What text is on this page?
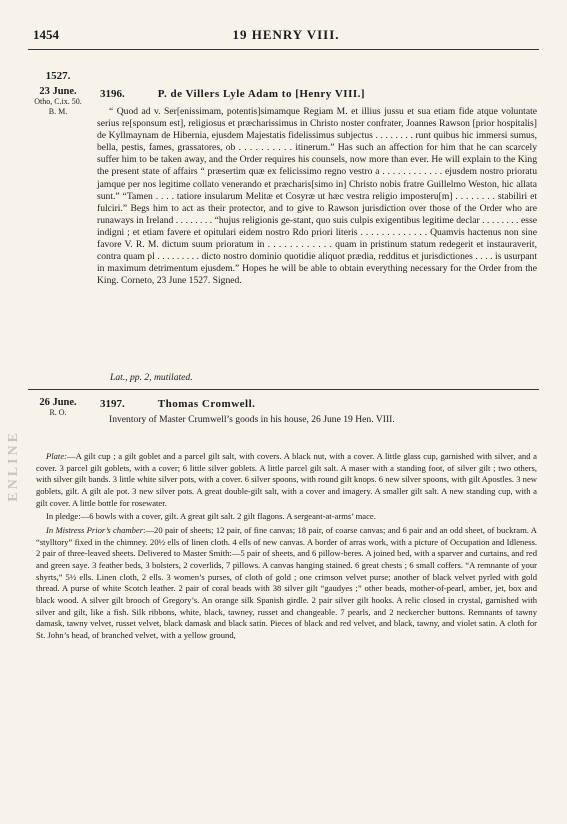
1454	19 HENRY VIII.
ENLINE
1527.
23 June.
Otho, C.ix. 50.
B. M.
3196.	P. de Villers Lyle Adam to [Henry VIII.]

“ Quod ad v. Ser[enissimam, potentis]simamque Regiam M. et illius jussu et sua etiam fide atque voluntate serius re[sponsum est], religiosus et præcharissimus in Christo noster confrater, Joannes Rawson [prior hospitalis] de Kyllmaynam de Hibernia, ejusdem Majestatis fidelissimus subjectus . . . . . . . . runt quibus hic immersi sumus, bella, pestis, fames, grassatores, ob . . . . . . . . . . itinerum.” Has such an affection for him that he can scarcely suffer him to be taken away, and the Order requires his counsels, now more than ever. He will explain to the King the present state of affairs “ præsertim quæ ex felicissimo regno vestro a . . . . . . . . . . . . ejusdem nostro prioratu jamque per nos legitime collato venerando et præcharis[simo in] Christo nobis fratre Guillelmo Weston, hic allata sunt.” “Tamen . . . . tatiore insularum Melitæ et Cosyræ ut hæc vestra religio imposteru[m] . . . . . . . . stabiliri et fulciri.” Begs him to act as their protector, and to give to Rawson jurisdiction over those of the Order who are runaways in Ireland . . . . . . . . “hujus religionis ge-stant, quo suis culpis exigentibus legitime declar . . . . . . . . esse indigni ; et etiam favere et opitulari eidem nostro Rdo priori literis . . . . . . . . . . . . . Quamvis hactenus non sine favore V. R. M. dictum suum prioratum in . . . . . . . . . . . . quam in pristinum statum redegerit et instauraverit, contra quam pl . . . . . . . . . dicto nostro dominio quotidie aliquot prædia, redditus et jurisdictiones . . . . is usurpant in maximum detrimentum ejusdem.” Hopes he will be able to obtain everything necessary for the Order from the King. Corneto, 23 June 1527. Signed.

Lat., pp. 2, mutilated.
26 June.
R. O.
3197.	Thomas Cromwell.

Inventory of Master Crumwell’s goods in his house, 26 June 19 Hen. VIII.

Plate:—A gilt cup ; a gilt goblet and a parcel gilt salt, with covers. A black nut, with a cover. A little glass cup, garnished with silver, and a cover. 3 parcel gilt goblets, with a cover; 6 little silver goblets. A little parcel gilt salt. A maser with a standing foot, of silver gilt ; two others, with silver gilt bands. 3 little white silver pots, with a cover. 6 silver spoons, with round gilt knops. 6 new silver spoons, with gilt Apostles. 3 new goblets, gilt. A gilt ale pot. 3 new silver pots. A great double-gilt salt, with a cover and imagery. A smaller gilt salt. A new standing cup, with a gilt cover. A little bottle for rosewater.

In pledge:—6 bowls with a cover, gilt. A great gilt salt. 2 gilt flagons. A sergeant-at-arms’ mace.

In Mistress Prior’s chamber:—20 pair of sheets; 12 pair, of fine canvas; 18 pair, of coarse canvas; and 6 pair and an odd sheet, of buckram. A “stylltory” fixed in the chimney. 20½ ells of linen cloth. 4 ells of new canvas. A border of arras work, with a picture of Occupation and Idleness. 2 pair of three-leaved sheets. Delivered to Master Smith:—5 pair of sheets, and 6 pillow-beres. A joined bed, with a sparver and curtains, and red and green saye. 3 feather beds, 3 bolsters, 2 coverlids, 7 pillows. A canvas hanging stained. 6 great chests ; 6 small coffers. “A remnante of your shyrts,” 5½ ells. Linen cloth, 2 ells. 3 women’s purses, of cloth of gold ; one crimson velvet purse; another of black velvet pyrled with gold thread. A purse of white Scotch leather. 2 pair of coral beads with 38 silver gilt “gaudyes ;” other beads, mother-of-pearl, amber, jet, box and black wood. A silver gilt brooch of Gregory’s. An orange silk Spanish girdle. 2 pair silver gilt hooks. A relic closed in crystal, garnished with silver and gilt, like a fish. Silk ribbons, white, black, tawney, russet and changeable. 7 pearls, and 2 neckercher buttons. Remnants of tawny damask, tawny velvet, russet velvet, black damask and black satin. Pieces of black and red velvet, and black, tawny, and violet satin. A cloth for St. John’s head, of branched velvet, with a yellow ground,
